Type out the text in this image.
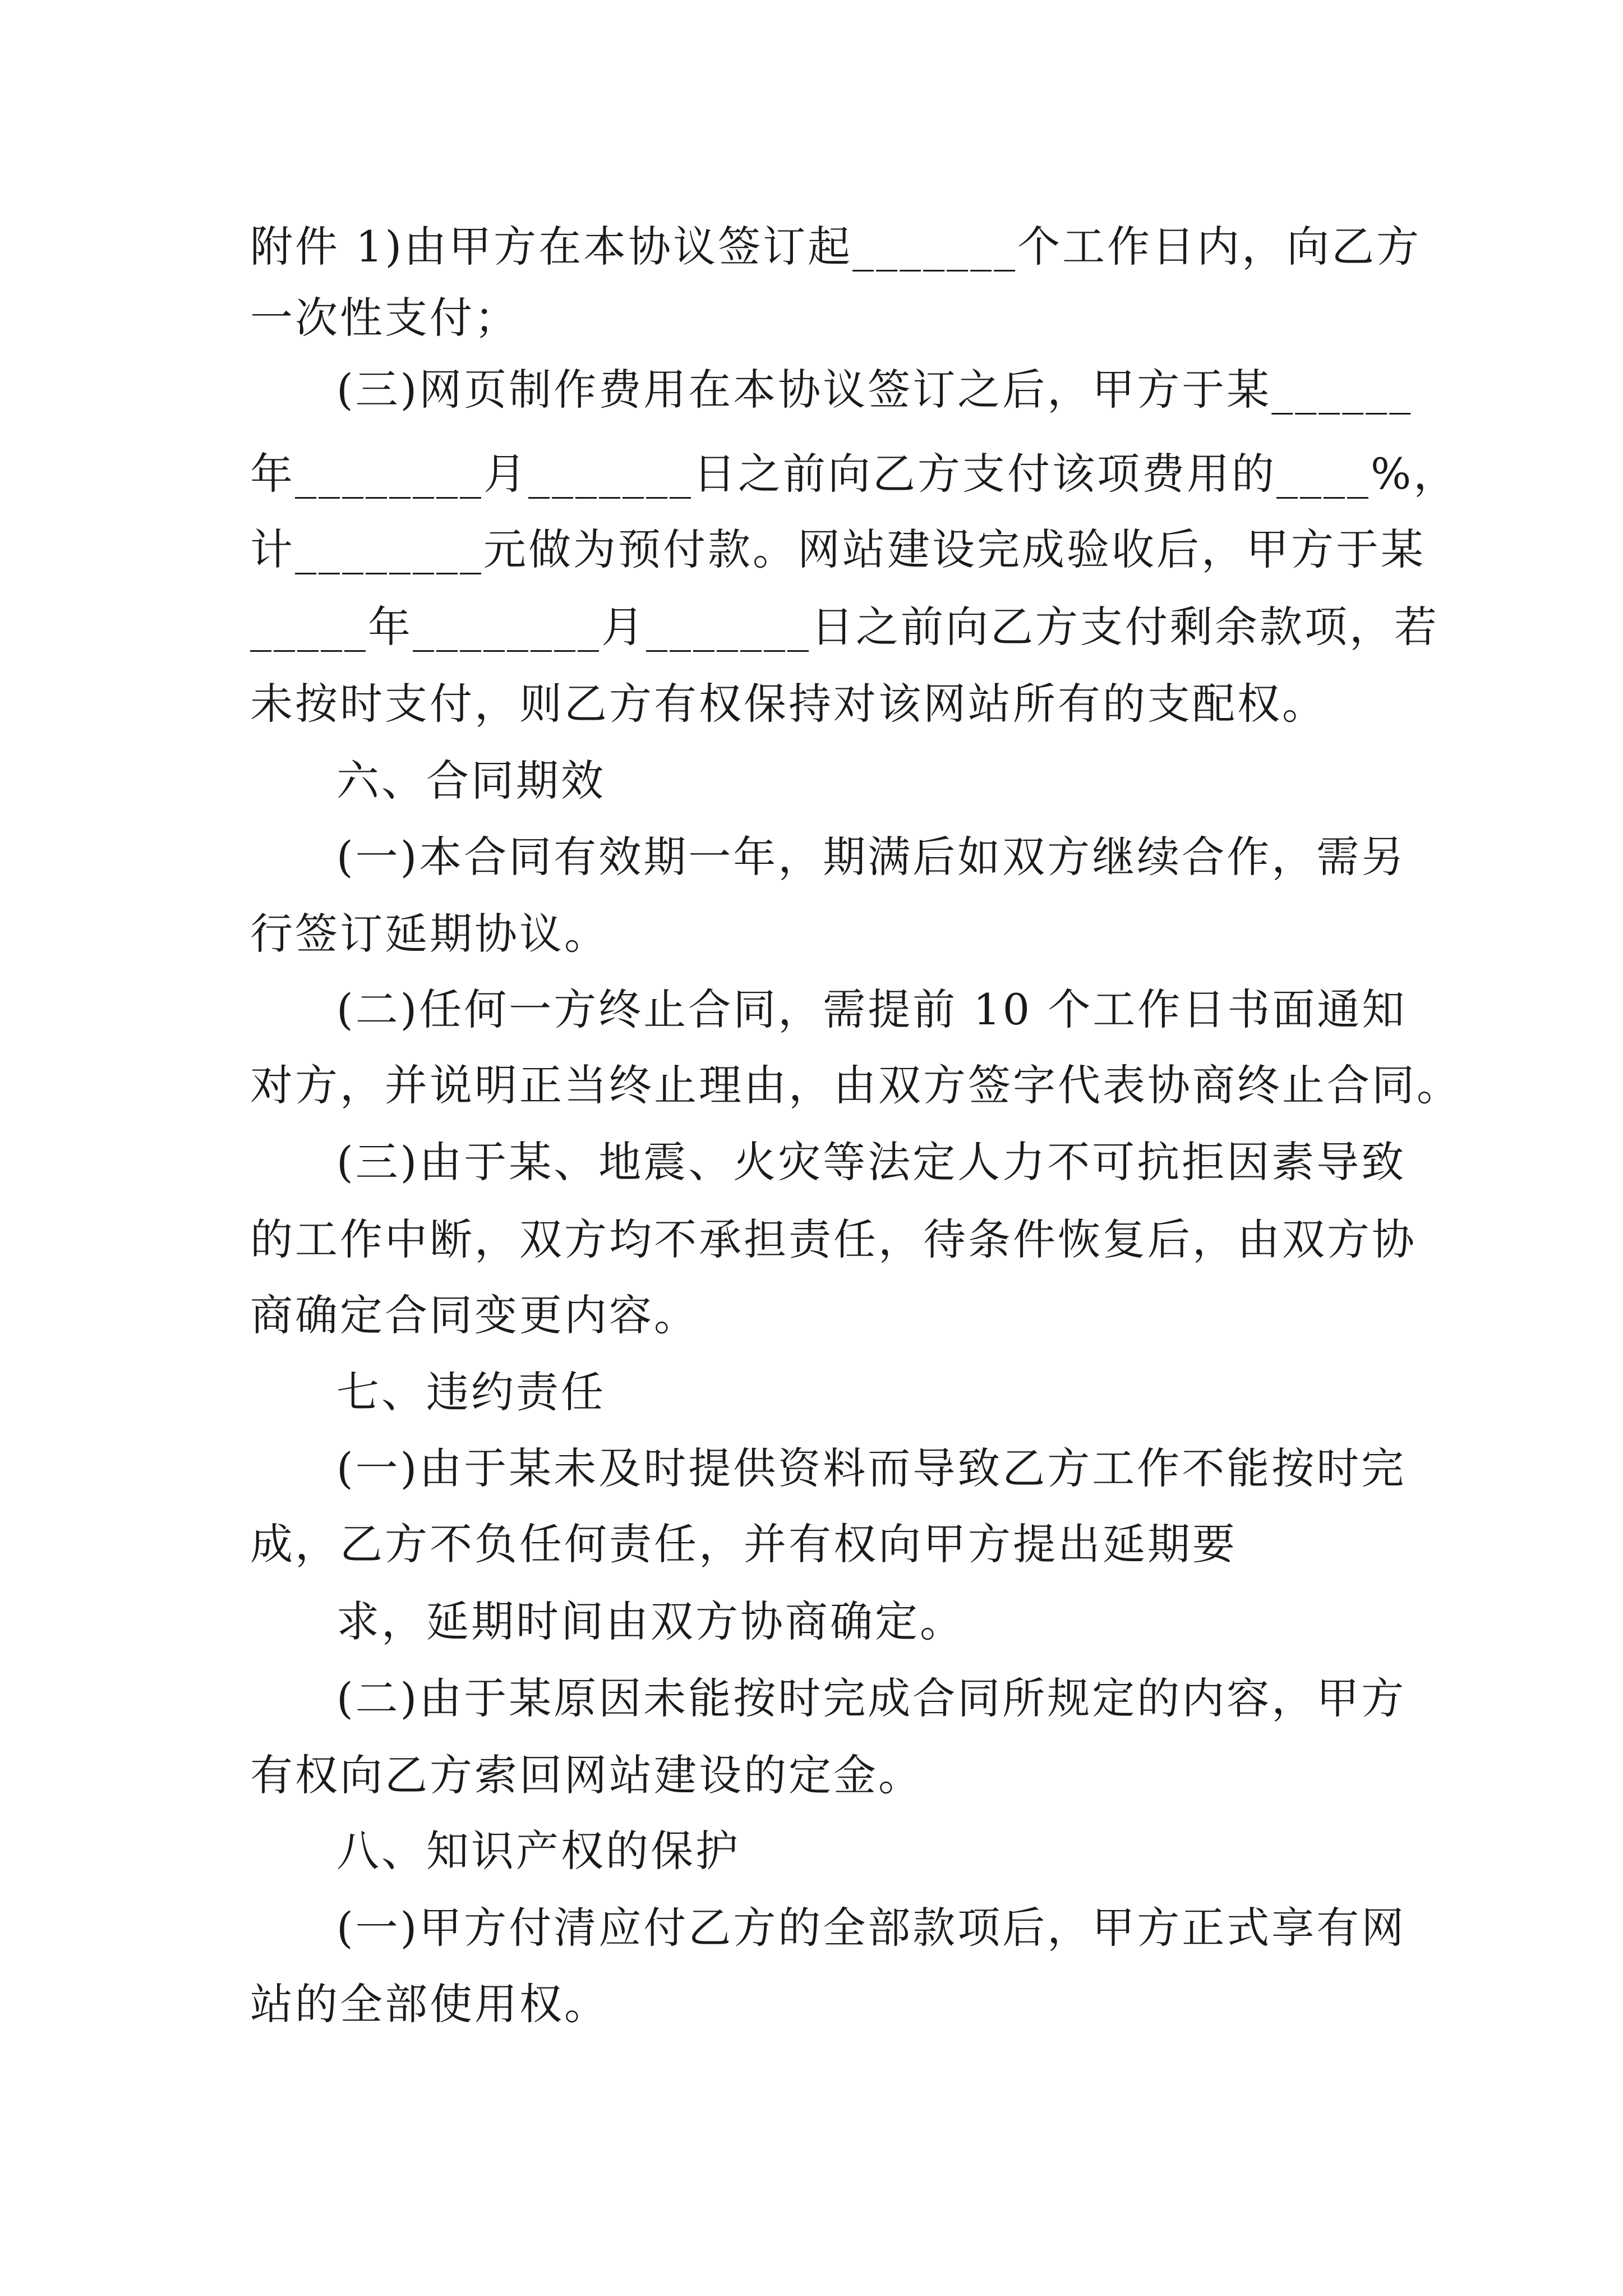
附件 1)由甲方在本协议签订起_______个工作日内，向乙方
一次性支付；
(三)网页制作费用在本协议签订之后，甲方于某______
年________月_______日之前向乙方支付该项费用的____%，
计________元做为预付款。网站建设完成验收后，甲方于某
_____年________月_______日之前向乙方支付剩余款项，若
未按时支付，则乙方有权保持对该网站所有的支配权。
六、合同期效
(一)本合同有效期一年，期满后如双方继续合作，需另
行签订延期协议。
(二)任何一方终止合同，需提前 10 个工作日书面通知
对方，并说明正当终止理由，由双方签字代表协商终止合同。
(三)由于某、地震、火灾等法定人力不可抗拒因素导致
的工作中断，双方均不承担责任，待条件恢复后，由双方协
商确定合同变更内容。
七、违约责任
(一)由于某未及时提供资料而导致乙方工作不能按时完
成，乙方不负任何责任，并有权向甲方提出延期要
求，延期时间由双方协商确定。
(二)由于某原因未能按时完成合同所规定的内容，甲方
有权向乙方索回网站建设的定金。
八、知识产权的保护
(一)甲方付清应付乙方的全部款项后，甲方正式享有网
站的全部使用权。
